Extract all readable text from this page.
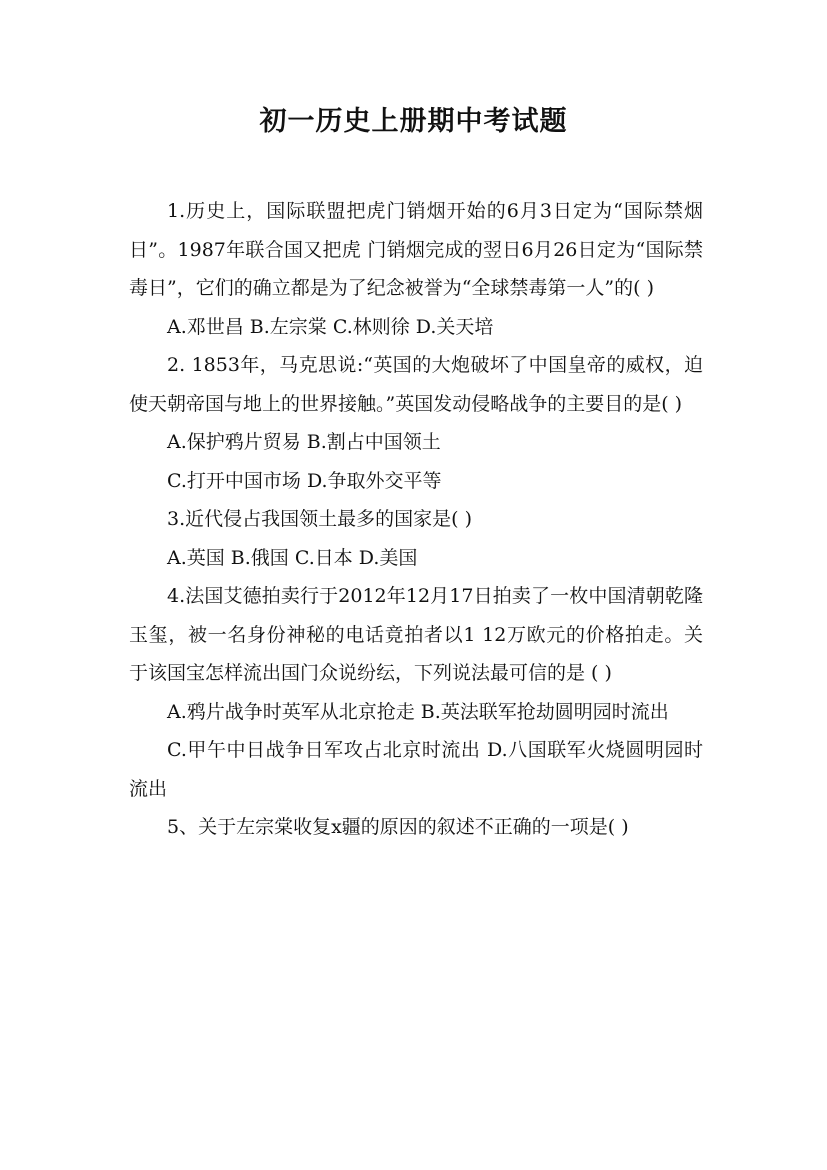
初一历史上册期中考试题

1.历史上，国际联盟把虎门销烟开始的6月3日定为“国际禁烟日”。1987年联合国又把虎 门销烟完成的翌日6月26日定为“国际禁毒日”，它们的确立都是为了纪念被誉为“全球禁毒第一人”的( )

A.邓世昌 B.左宗棠 C.林则徐 D.关天培

2. 1853年，马克思说:“英国的大炮破坏了中国皇帝的威权，迫使天朝帝国与地上的世界接触。”英国发动侵略战争的主要目的是( )

A.保护鸦片贸易 B.割占中国领土

C.打开中国市场 D.争取外交平等

3.近代侵占我国领土最多的国家是( )

A.英国 B.俄国 C.日本 D.美国

4.法国艾德拍卖行于2012年12月17日拍卖了一枚中国清朝乾隆玉玺，被一名身份神秘的电话竟拍者以1 12万欧元的价格拍走。关于该国宝怎样流出国门众说纷纭，下列说法最可信的是 ( )

A.鸦片战争时英军从北京抢走 B.英法联军抢劫圆明园时流出

C.甲午中日战争日军攻占北京时流出 D.八国联军火烧圆明园时流出

5、关于左宗棠收复x疆的原因的叙述不正确的一项是( )
